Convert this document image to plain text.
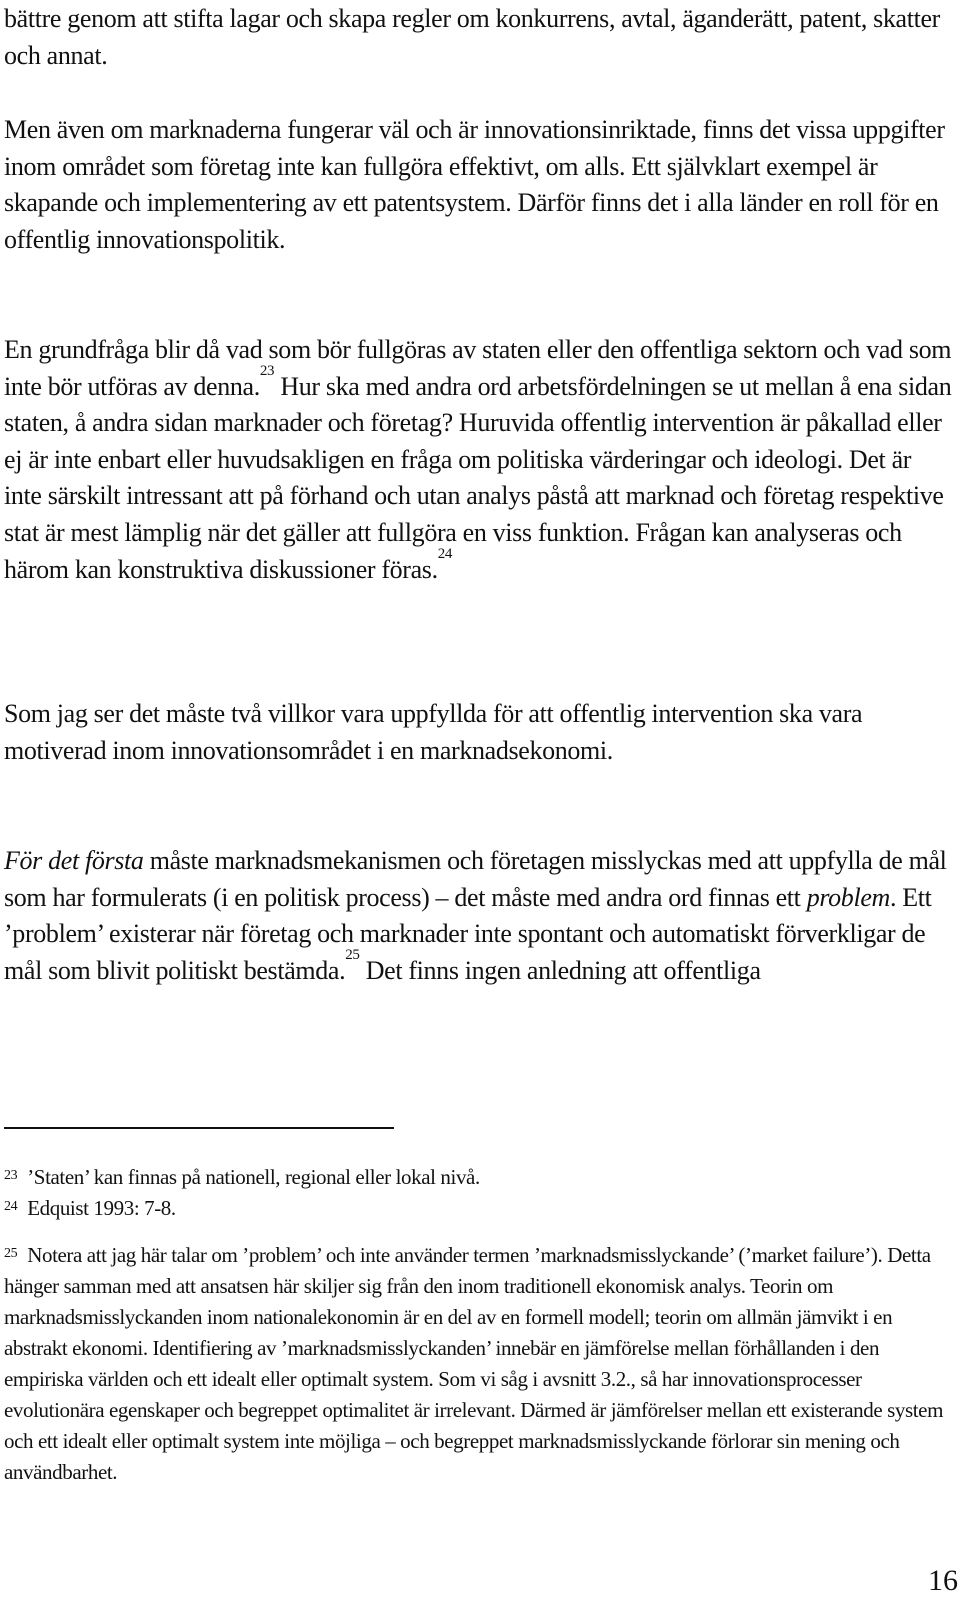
bättre genom att stifta lagar och skapa regler om konkurrens, avtal, äganderätt, patent, skatter och annat.

Men även om marknaderna fungerar väl och är innovationsinriktade, finns det vissa uppgifter inom området som företag inte kan fullgöra effektivt, om alls. Ett självklart exempel är skapande och implementering av ett patentsystem. Därför finns det i alla länder en roll för en offentlig innovationspolitik.

En grundfråga blir då vad som bör fullgöras av staten eller den offentliga sektorn och vad som inte bör utföras av denna.$^{23}$ Hur ska med andra ord arbetsfördelningen se ut mellan å ena sidan staten, å andra sidan marknader och företag? Huruvida offentlig intervention är påkallad eller ej är inte enbart eller huvudsakligen en fråga om politiska värderingar och ideologi. Det är inte särskilt intressant att på förhand och utan analys påstå att marknad och företag respektive stat är mest lämplig när det gäller att fullgöra en viss funktion. Frågan kan analyseras och härom kan konstruktiva diskussioner föras.$^{24}$

Som jag ser det måste två villkor vara uppfyllda för att offentlig intervention ska vara motiverad inom innovationsområdet i en marknadsekonomi.

För det första måste marknadsmekanismen och företagen misslyckas med att uppfylla de mål som har formulerats (i en politisk process) – det måste med andra ord finnas ett problem. Ett ’problem’ existerar när företag och marknader inte spontant och automatiskt förverkligar de mål som blivit politiskt bestämda.$^{25}$ Det finns ingen anledning att offentliga

$^{23}$ ’Staten’ kan finnas på nationell, regional eller lokal nivå.

$^{24}$ Edquist 1993: 7-8.

$^{25}$ Notera att jag här talar om ’problem’ och inte använder termen ’marknadsmisslyckande’ (’market failure’). Detta hänger samman med att ansatsen här skiljer sig från den inom traditionell ekonomisk analys. Teorin om marknadsmisslyckanden inom nationalekonomin är en del av en formell modell; teorin om allmän jämvikt i en abstrakt ekonomi. Identifiering av ’marknadsmisslyckanden’ innebär en jämförelse mellan förhållanden i den empiriska världen och ett idealt eller optimalt system. Som vi såg i avsnitt 3.2., så har innovationsprocesser evolutionära egenskaper och begreppet optimalitet är irrelevant. Därmed är jämförelser mellan ett existerande system och ett idealt eller optimalt system inte möjliga – och begreppet marknadsmisslyckande förlorar sin mening och användbarhet.

16
